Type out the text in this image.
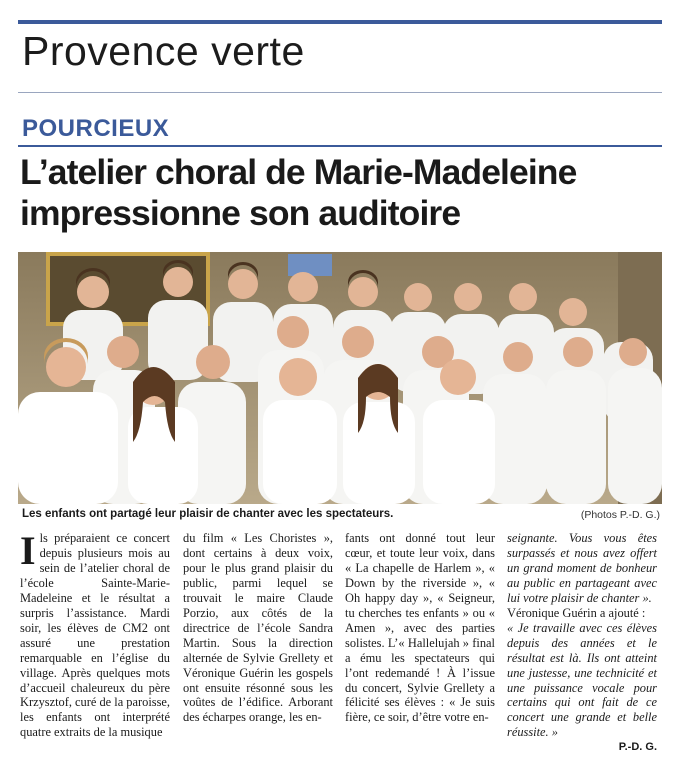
Provence verte
POURCIEUX
L’atelier choral de Marie-Madeleine
impressionne son auditoire
Les enfants ont partagé leur plaisir de chanter avec les spectateurs.	(Photos P.-D. G.)

Ils préparaient ce concert depuis plusieurs mois au sein de l’atelier choral de l’école Sainte-Marie-Madeleine et le résultat a surpris l’assistance. Mardi soir, les élèves de CM2 ont assuré une prestation remarquable en l’église du village. Après quelques mots d’accueil chaleureux du père Krzysztof, curé de la paroisse, les enfants ont interprété quatre extraits de la musique

du film « Les Choristes », dont certains à deux voix, pour le plus grand plaisir du public, parmi lequel se trouvait le maire Claude Porzio, aux côtés de la directrice de l’école Sandra Martin. Sous la direction alternée de Sylvie Grellety et Véronique Guérin les gospels ont ensuite résonné sous les voûtes de l’édifice. Arborant des écharpes orange, les en-

fants ont donné tout leur cœur, et toute leur voix, dans « La chapelle de Harlem », « Down by the riverside », « Oh happy day », « Seigneur, tu cherches tes enfants » ou « Amen », avec des parties solistes. L’« Hallelujah » final a ému les spectateurs qui l’ont redemandé ! À l’issue du concert, Sylvie Grellety a félicité ses élèves : « Je suis fière, ce soir, d’être votre en-

seignante. Vous vous êtes surpassés et nous avez offert un grand moment de bonheur au public en partageant avec lui votre plaisir de chanter ».

Véronique Guérin a ajouté :

« Je travaille avec ces élèves depuis des années et le résultat est là. Ils ont atteint une justesse, une technicité et une puissance vocale pour certains qui ont fait de ce concert une grande et belle réussite. »

P.-D. G.
